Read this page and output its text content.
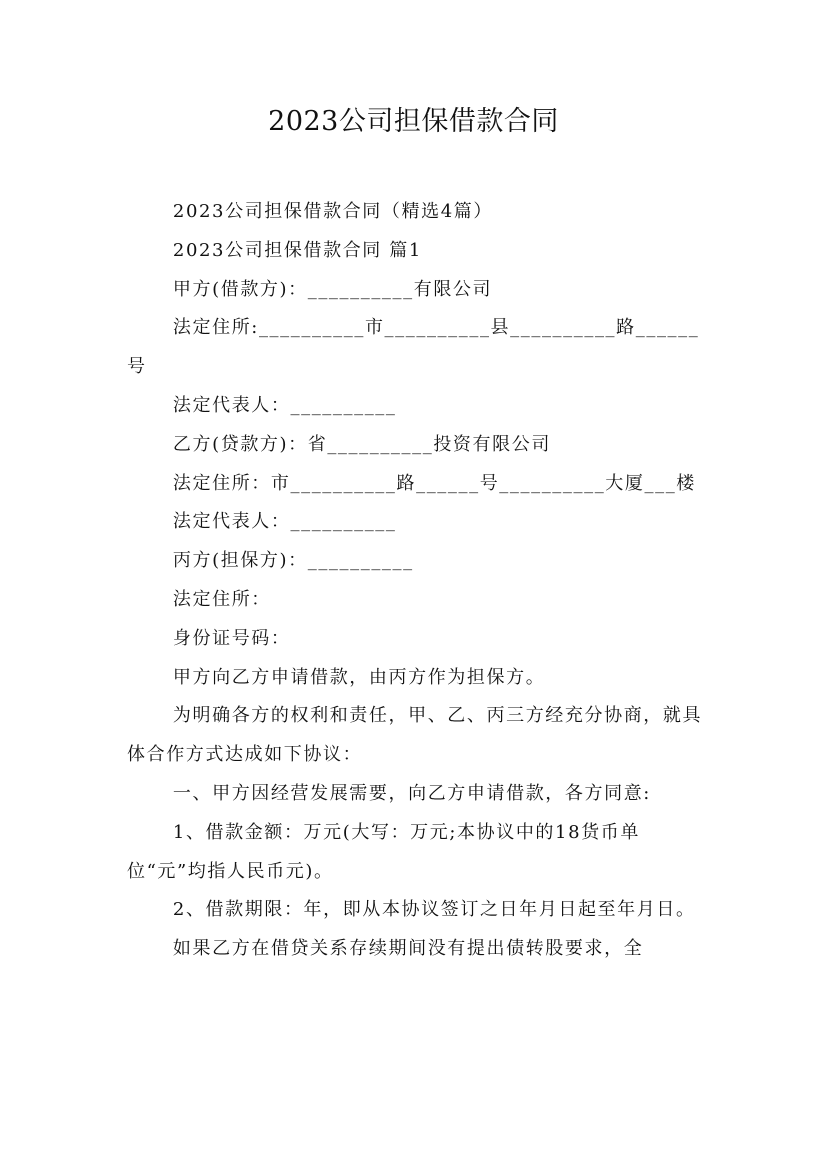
2023公司担保借款合同

2023公司担保借款合同（精选4篇）

2023公司担保借款合同 篇1

甲方(借款方)：__________有限公司

法定住所:__________市__________县__________路______号

法定代表人：__________

乙方(贷款方)：省__________投资有限公司

法定住所：市__________路______号__________大厦___楼

法定代表人：__________

丙方(担保方)：__________

法定住所：

身份证号码：

甲方向乙方申请借款，由丙方作为担保方。

为明确各方的权利和责任，甲、乙、丙三方经充分协商，就具体合作方式达成如下协议：

一、甲方因经营发展需要，向乙方申请借款，各方同意:

1、借款金额：万元(大写：万元;本协议中的18货币单位“元”均指人民币元)。

2、借款期限：年，即从本协议签订之日年月日起至年月日。

如果乙方在借贷关系存续期间没有提出债转股要求，全
